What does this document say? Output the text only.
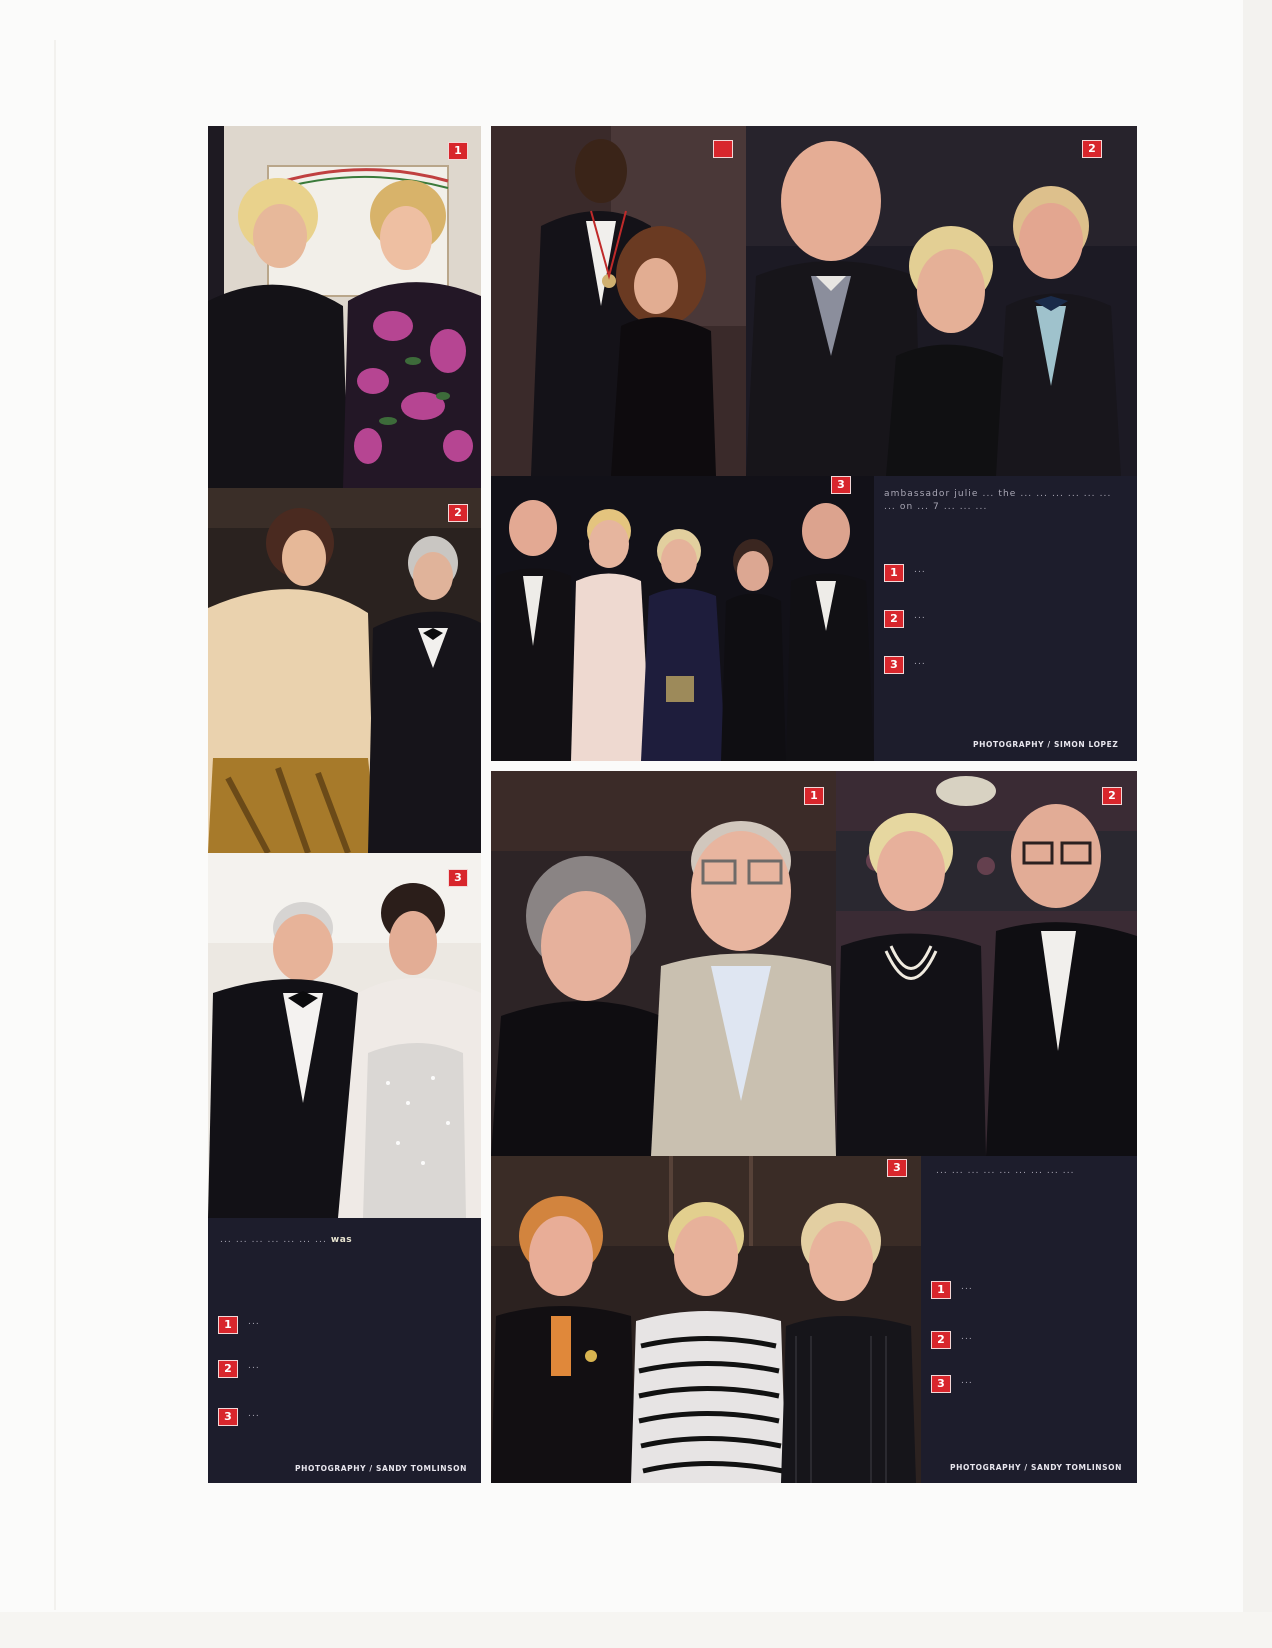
1
2
3
... ... ... ... ... ... ... was
1	...
2	...
3	...
PHOTOGRAPHY / SANDY TOMLINSON
2
3
ambassador julie ... the ... ... ... ... ... ... ... on ... 7 ... ... ...
1	...
2	...
3	...
PHOTOGRAPHY / SIMON LOPEZ
1	2
3	... ... ... ... ... ... ... ... ...
1	...
2	...
3	...
PHOTOGRAPHY / SANDY TOMLINSON
